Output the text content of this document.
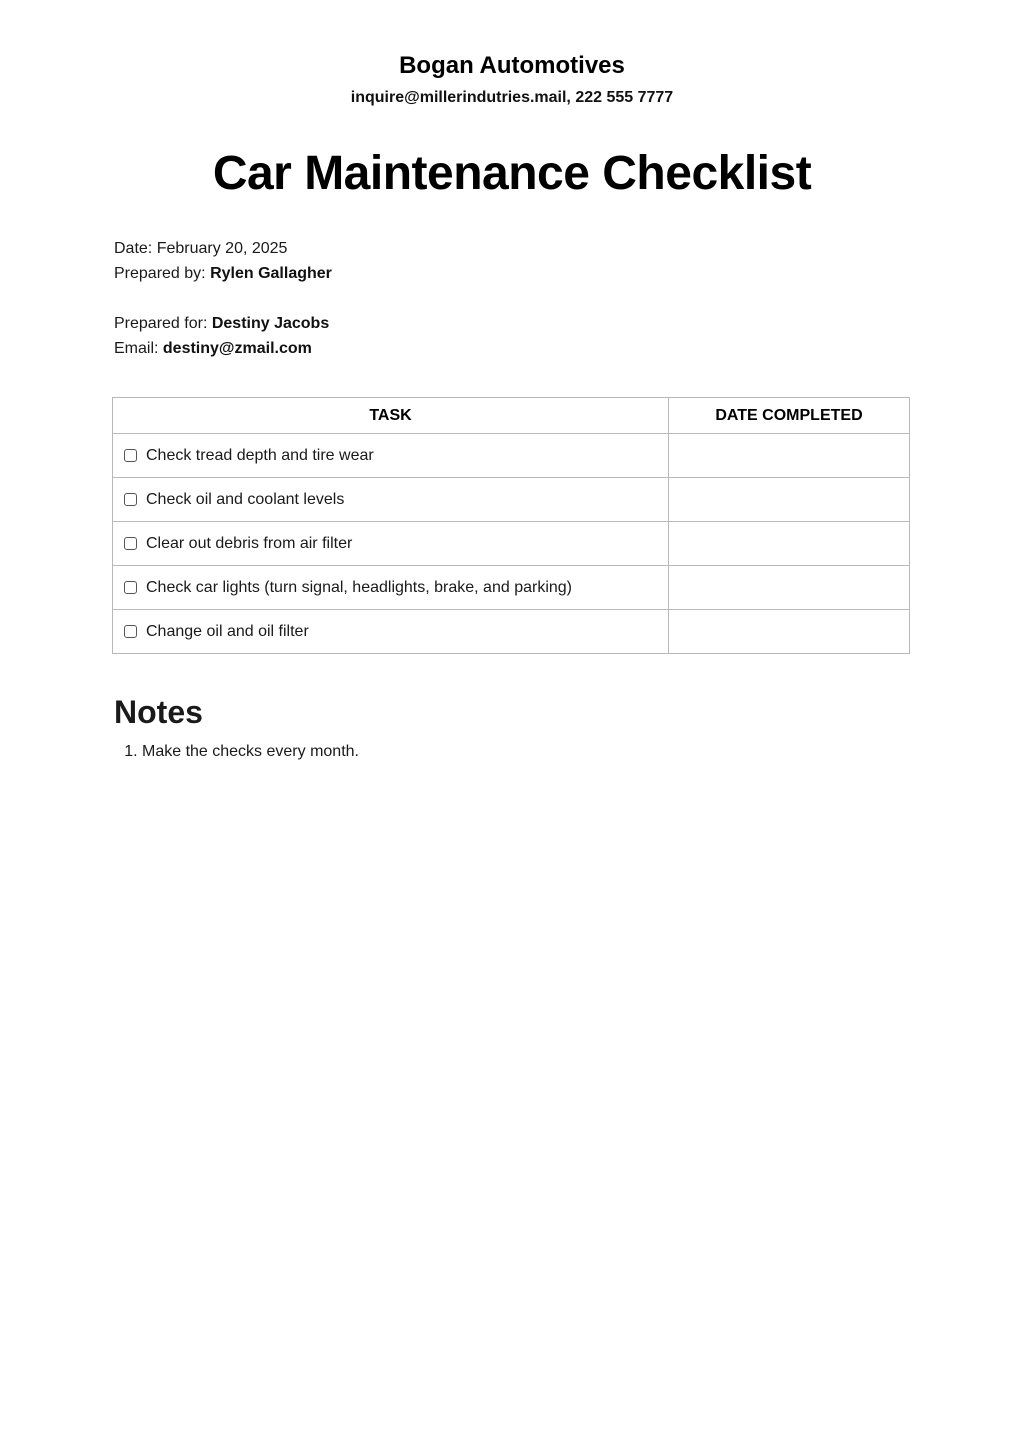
Bogan Automotives
inquire@millerindutries.mail, 222 555 7777
Car Maintenance Checklist
Date: February 20, 2025
Prepared by: Rylen Gallagher
Prepared for: Destiny Jacobs
Email: destiny@zmail.com
TASK	DATE COMPLETED

Check tread depth and tire wear	

Check oil and coolant levels	

Clear out debris from air filter	

Check car lights (turn signal, headlights, brake, and parking)	

Change oil and oil filter	

Notes
1. Make the checks every month.
